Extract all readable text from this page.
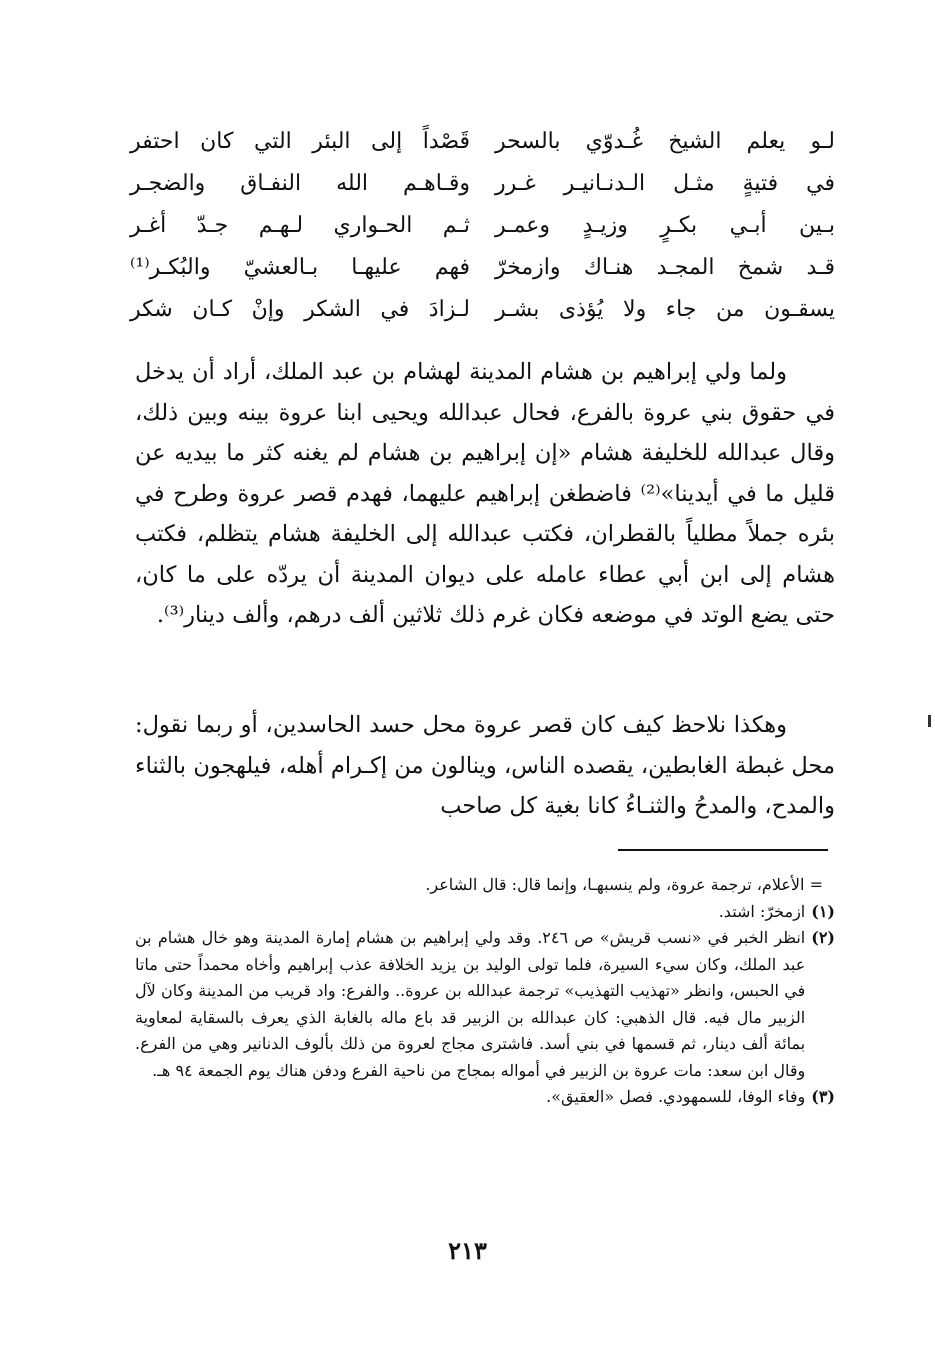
لـو يعلم الشيخ غُـدوّي بالسحر
قَصْداً إلى البئر التي كان احتفر
في فتيةٍ مثـل الـدنـانيـر غـرر
وقـاهـم الله النفـاق والضجـر
بـين أبـي بكـرٍ وزيـدٍ وعمـر
ثـم الحـواري لـهـم جـدّ أغـر
قـد شمخ المجـد هنـاك وازمخرّ
فهم عليهـا بـالعشيّ والبُكـر⁽¹⁾
يسقـون من جاء ولا يُؤذى بشـر
لـزادَ في الشكر وإنْ كـان شكر

ولما ولي إبراهيم بن هشام المدينة لهشام بن عبد الملك، أراد أن يدخل في حقوق بني عروة بالفرع، فحال عبدالله ويحيى ابنا عروة بينه وبين ذلك، وقال عبدالله للخليفة هشام «إن إبراهيم بن هشام لم يغنه كثر ما بيديه عن قليل ما في أيدينا»⁽²⁾ فاضطغن إبراهيم عليهما، فهدم قصر عروة وطرح في بئره جملاً مطلياً بالقطران، فكتب عبدالله إلى الخليفة هشام يتظلم، فكتب هشام إلى ابن أبي عطاء عامله على ديوان المدينة أن يردّه على ما كان، حتى يضع الوتد في موضعه فكان غرم ذلك ثلاثين ألف درهم، وألف دينار⁽³⁾.

وهكذا نلاحظ كيف كان قصر عروة محل حسد الحاسدين، أو ربما نقول: محل غبطة الغابطين، يقصده الناس، وينالون من إكـرام أهله، فيلهجون بالثناء والمدح، والمدحُ والثنـاءُ كانا بغية كل صاحب

= الأعلام، ترجمة عروة، ولم ينسبهـا، وإنما قال: قال الشاعر.
(١)
ازمخرّ: اشتد.
(٢)
انظر الخبر في «نسب قريش» ص ٢٤٦. وقد ولي إبراهيم بن هشام إمارة المدينة وهو خال هشام بن عبد الملك، وكان سيء السيرة، فلما تولى الوليد بن يزيد الخلافة عذب إبراهيم وأخاه محمداً حتى ماتا في الحبس، وانظر «تهذيب التهذيب» ترجمة عبدالله بن عروة.. والفرع: واد قريب من المدينة وكان لآل الزبير مال فيه. قال الذهبي: كان عبدالله بن الزبير قد باع ماله بالغابة الذي يعرف بالسقاية لمعاوية بمائة ألف دينار، ثم قسمها في بني أسد. فاشترى مجاج لعروة من ذلك بألوف الدنانير وهي من الفرع. وقال ابن سعد: مات عروة بن الزبير في أمواله بمجاج من ناحية الفرع ودفن هناك يوم الجمعة ٩٤ هـ.
(٣)
وفاء الوفا، للسمهودي. فصل «العقيق».
٢١٣
